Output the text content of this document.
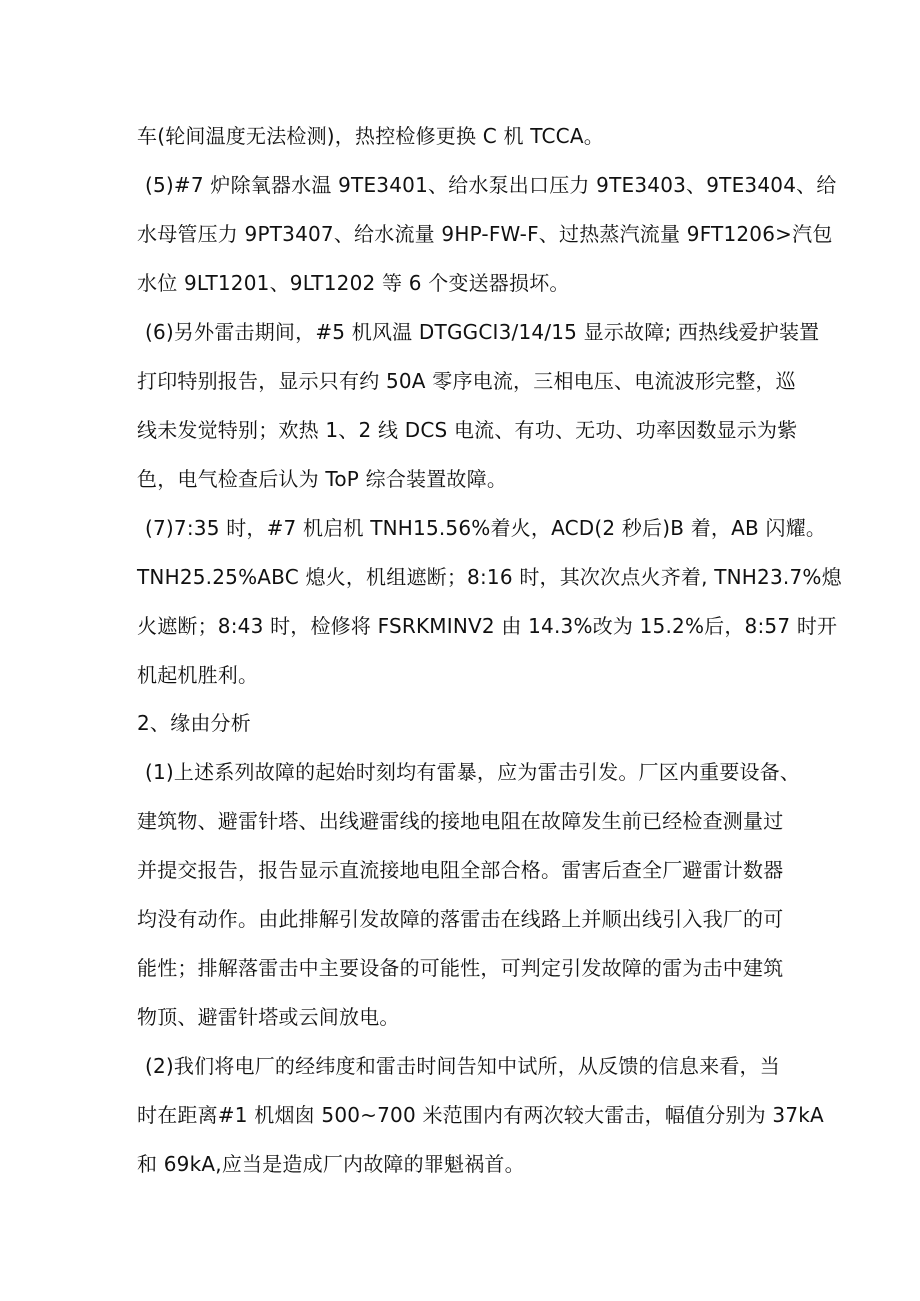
车(轮间温度无法检测)，热控检修更换 C 机 TCCA。
(5)#7 炉除氧器水温 9TE3401、给水泵出口压力 9TE3403、9TE3404、给
水母管压力 9PT3407、给水流量 9HP-FW-F、过热蒸汽流量 9FT1206>汽包
水位 9LT1201、9LT1202 等 6 个变送器损坏。
(6)另外雷击期间，#5 机风温 DTGGCI3/14/15 显示故障; 西热线爱护装置
打印特别报告，显示只有约 50A 零序电流，三相电压、电流波形完整，巡
线未发觉特别；欢热 1、2 线 DCS 电流、有功、无功、功率因数显示为紫
色，电气检查后认为 ToP 综合装置故障。
(7)7:35 时，#7 机启机 TNH15.56%着火，ACD(2 秒后)B 着，AB 闪耀。
TNH25.25%ABC 熄火，机组遮断；8:16 时，其次次点火齐着, TNH23.7%熄
火遮断；8:43 时，检修将 FSRKMINV2 由 14.3%改为 15.2%后，8:57 时开
机起机胜利。
2、缘由分析
(1)上述系列故障的起始时刻均有雷暴，应为雷击引发。厂区内重要设备、
建筑物、避雷针塔、出线避雷线的接地电阻在故障发生前已经检查测量过
并提交报告，报告显示直流接地电阻全部合格。雷害后查全厂避雷计数器
均没有动作。由此排解引发故障的落雷击在线路上并顺出线引入我厂的可
能性；排解落雷击中主要设备的可能性，可判定引发故障的雷为击中建筑
物顶、避雷针塔或云间放电。
(2)我们将电厂的经纬度和雷击时间告知中试所，从反馈的信息来看，当
时在距离#1 机烟囱 500~700 米范围内有两次较大雷击，幅值分别为 37kA
和 69kA,应当是造成厂内故障的罪魁祸首。
